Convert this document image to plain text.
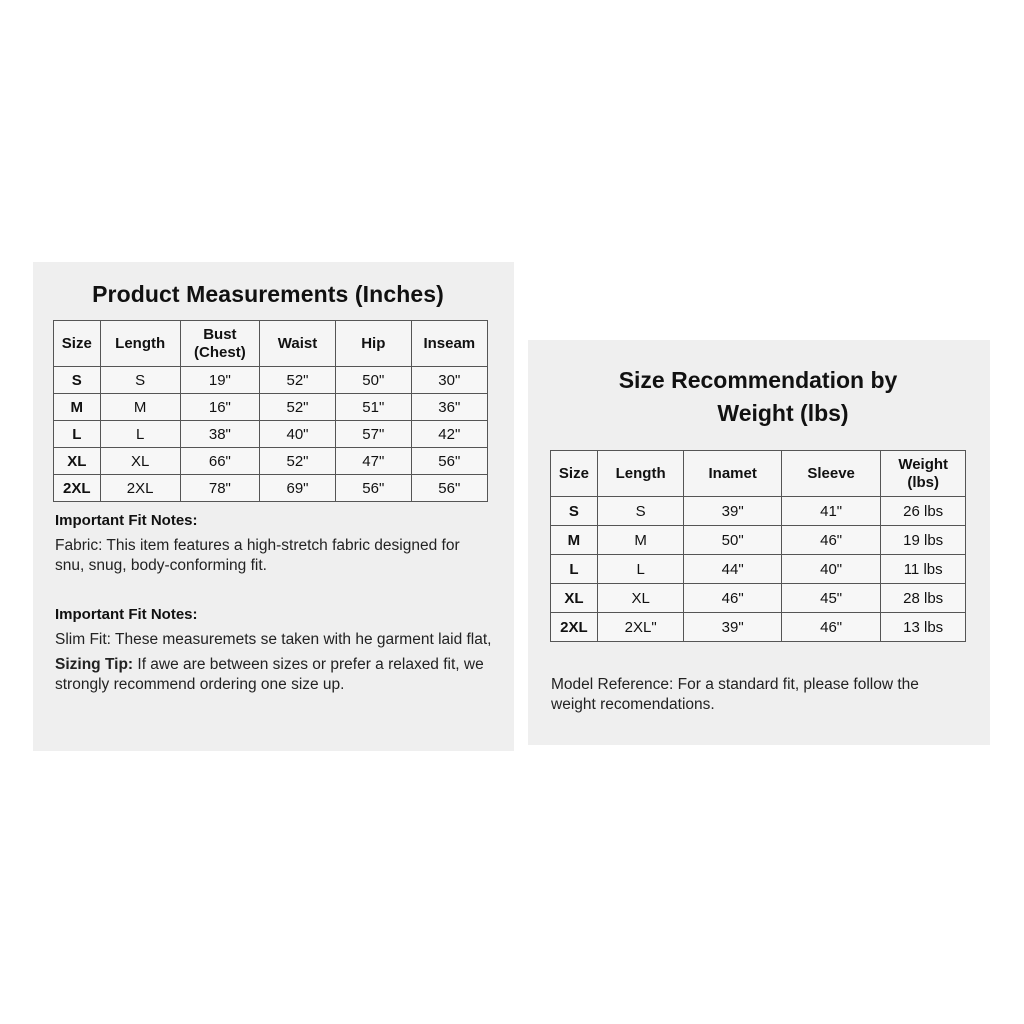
Product Measurements (Inches)
Size	Length	Bust (Chest)	Waist	Hip	Inseam
S	S	19"	52"	50"	30"
M	M	16"	52"	51"	36"
L	L	38"	40"	57"	42"
XL	XL	66"	52"	47"	56"
2XL	2XL	78"	69"	56"	56"
Important Fit Notes:
Fabric: This item features a high-stretch fabric designed for snu, snug, body-conforming fit.
Important Fit Notes:
Slim Fit: These measuremets se taken with he garment laid flat,
Sizing Tip: If awe are between sizes or prefer a relaxed fit, we strongly recommend ordering one size up.
Size Recommendation by
Weight (lbs)
Size	Length	Inamet	Sleeve	Weight (lbs)
S	S	39"	41"	26 lbs
M	M	50"	46"	19 lbs
L	L	44"	40"	11 lbs
XL	XL	46"	45"	28 lbs
2XL	2XL"	39"	46"	13 lbs
Model Reference: For a standard fit, please follow the weight recomendations.
